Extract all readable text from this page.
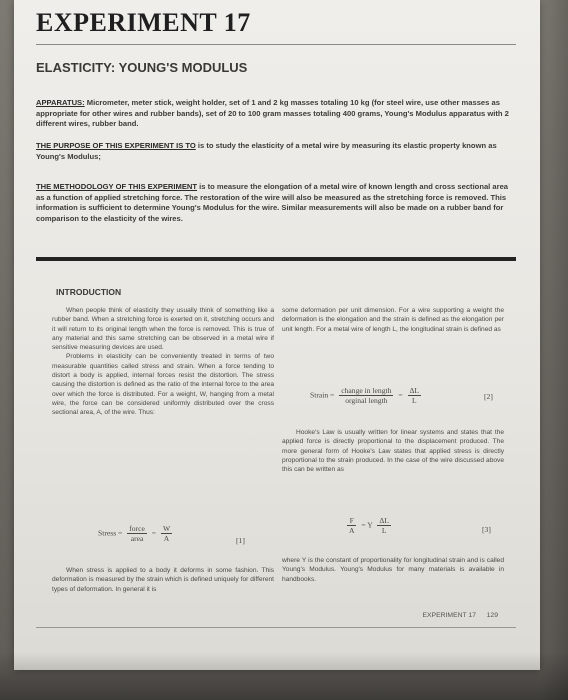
EXPERIMENT 17
ELASTICITY: YOUNG'S MODULUS
APPARATUS: Micrometer, meter stick, weight holder, set of 1 and 2 kg masses totaling 10 kg (for steel wire, use other masses as appropriate for other wires and rubber bands), set of 20 to 100 gram masses totaling 400 grams, Young's Modulus apparatus with 2 different wires, rubber band.
THE PURPOSE OF THIS EXPERIMENT IS TO is to study the elasticity of a metal wire by measuring its elastic property known as Young's Modulus;
THE METHODOLOGY OF THIS EXPERIMENT is to measure the elongation of a metal wire of known length and cross sectional area as a function of applied stretching force. The restoration of the wire will also be measured as the stretching force is removed. This information is sufficient to determine Young's Modulus for the wire. Similar measurements will also be made on a rubber band for comparison to the elasticity of the wires.
INTRODUCTION

When people think of elasticity they usually think of something like a rubber band. When a stretching force is exerted on it, stretching occurs and it will return to its original length when the force is removed. This is true of any material and this same stretching can be observed in a metal wire if sensitive measuring devices are used.

Problems in elasticity can be conveniently treated in terms of two measurable quantities called stress and strain. When a force tending to distort a body is applied, internal forces resist the distortion. The stress causing the distortion is defined as the ratio of the internal force to the area over which the force is distributed. For a weight, W, hanging from a metal wire, the force can be considered uniformly distributed over the cross sectional area, A, of the wire. Thus:

Stress = $\frac{\text{force}}{\text{area}} = \frac{W}{A}$	[1]

When stress is applied to a body it deforms in some fashion. This deformation is measured by the strain which is defined uniquely for different types of deformation. In general it is

some deformation per unit dimension. For a wire supporting a weight the deformation is the elongation and the strain is defined as the elongation per unit length. For a metal wire of length L, the longitudinal strain is defined as

Strain = $\frac{\text{change in length}}{\text{orginal length}} = \frac{\Delta L}{L}$	[2]

Hooke's Law is usually written for linear systems and states that the applied force is directly proportional to the displacement produced. The more general form of Hooke's Law states that applied stress is directly proportional to the strain produced. In the case of the wire discussed above this can be written as

$\frac{F}{A} = Y \frac{\Delta L}{L}$	[3]

where Y is the constant of proportionality for longitudinal strain and is called Young's Modulus. Young's Modulus for many materials is available in handbooks.

EXPERIMENT 17 129
